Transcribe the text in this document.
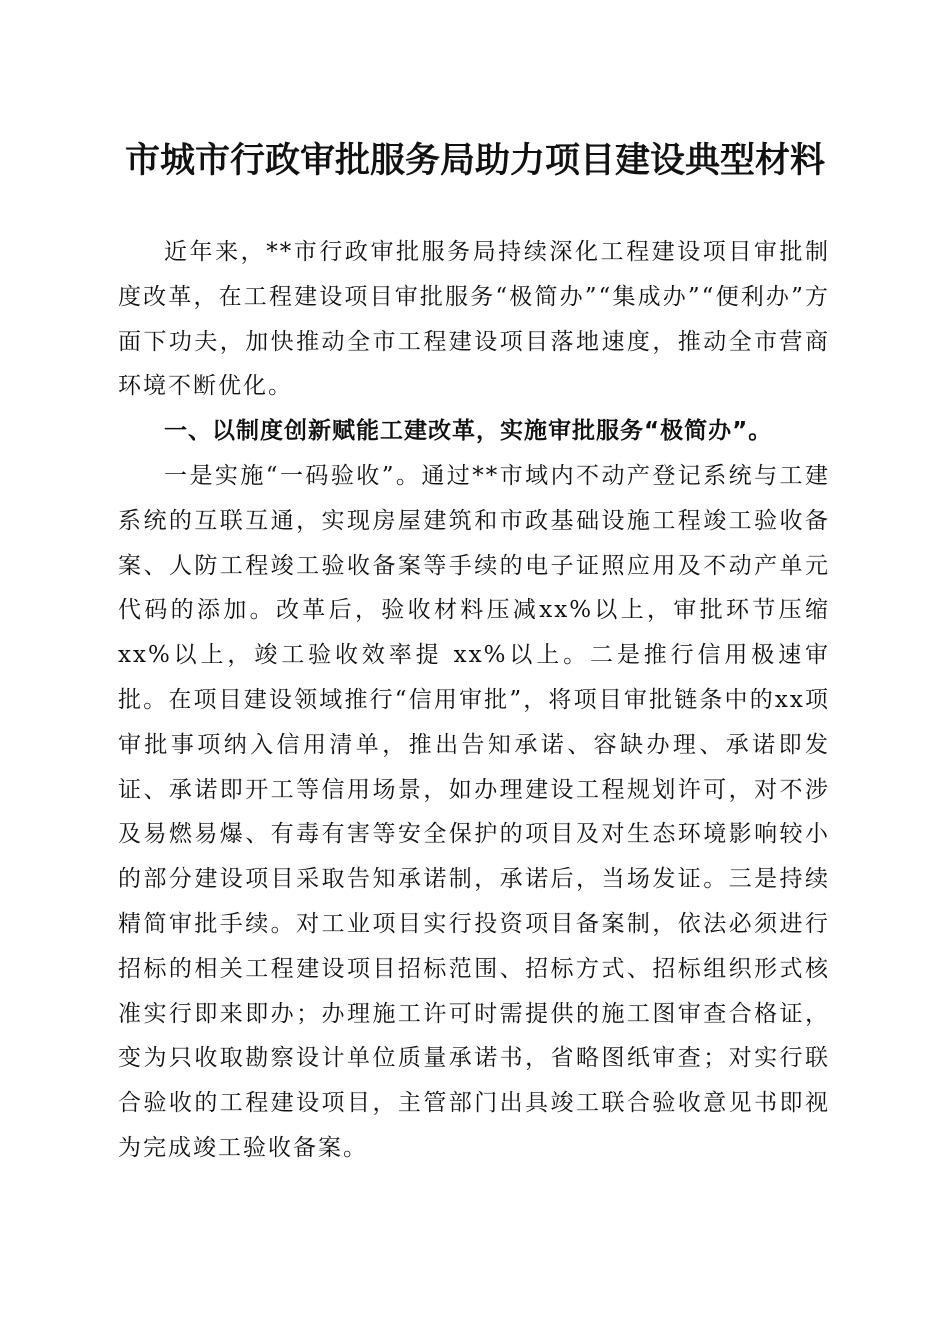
市城市行政审批服务局助力项目建设典型材料

近年来，**市行政审批服务局持续深化工程建设项目审批制度改革，在工程建设项目审批服务“极简办”“集成办”“便利办”方面下功夫，加快推动全市工程建设项目落地速度，推动全市营商环境不断优化。

一、以制度创新赋能工建改革，实施审批服务“极简办”。

一是实施“一码验收”。通过**市域内不动产登记系统与工建系统的互联互通，实现房屋建筑和市政基础设施工程竣工验收备案、人防工程竣工验收备案等手续的电子证照应用及不动产单元代码的添加。改革后，验收材料压减xx%以上，审批环节压缩xx%以上，竣工验收效率提 xx%以上。二是推行信用极速审批。在项目建设领域推行“信用审批”，将项目审批链条中的xx项审批事项纳入信用清单，推出告知承诺、容缺办理、承诺即发证、承诺即开工等信用场景，如办理建设工程规划许可，对不涉及易燃易爆、有毒有害等安全保护的项目及对生态环境影响较小的部分建设项目采取告知承诺制，承诺后，当场发证。三是持续精简审批手续。对工业项目实行投资项目备案制，依法必须进行招标的相关工程建设项目招标范围、招标方式、招标组织形式核准实行即来即办；办理施工许可时需提供的施工图审查合格证，变为只收取勘察设计单位质量承诺书，省略图纸审查；对实行联合验收的工程建设项目，主管部门出具竣工联合验收意见书即视为完成竣工验收备案。
